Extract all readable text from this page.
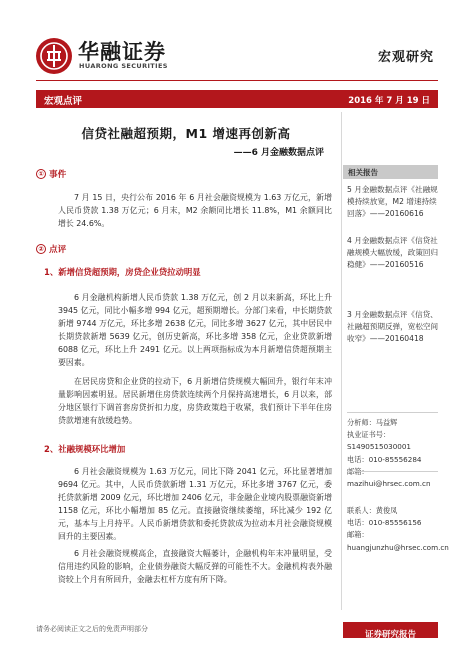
华融证券
HUARONG SECURITIES
宏观研究
宏观点评	2016 年 7 月 19 日
信贷社融超预期，M1 增速再创新高
——6 月金融数据点评
① 事件
7 月 15 日，央行公布 2016 年 6 月社会融资规模为 1.63 万亿元，新增人民币贷款 1.38 万亿元；6 月末，M2 余额同比增长 11.8%，M1 余额同比增长 24.6%。
② 点评
1、新增信贷超预期，房贷企业贷拉动明显
6 月金融机构新增人民币贷款 1.38 万亿元，创 2 月以来新高，环比上升 3945 亿元，同比小幅多增 994 亿元，超预期增长。分部门来看，中长期贷款新增 9744 万亿元，环比多增 2638 亿元，同比多增 3627 亿元，其中居民中长期贷款新增 5639 亿元，创历史新高，环比多增 358 亿元，企业贷款新增 6088 亿元，环比上升 2491 亿元。以上两项指标成为本月新增信贷超预期主要因素。
在居民房贷和企业贷的拉动下，6 月新增信贷规模大幅回升，银行年末冲量影响因素明显。居民新增住房贷款连续两个月保持高速增长，6 月以来，部分地区银行下调首套房贷折扣力度，房贷政策趋于收紧，我们预计下半年住房贷款增速有放缓趋势。
2、社融规模环比增加
6 月社会融资规模为 1.63 万亿元，同比下降 2041 亿元，环比显著增加 9694 亿元。其中，人民币贷款新增 1.31 万亿元，环比多增 3767 亿元，委托贷款新增 2009 亿元，环比增加 2406 亿元，非金融企业境内股票融资新增 1158 亿元，环比小幅增加 85 亿元。直接融资继续萎缩，环比减少 192 亿元，基本与上月持平。人民币新增贷款和委托贷款成为拉动本月社会融资规模回升的主要因素。
6 月社会融资规模高企，直接融资大幅萎计，企融机构年末冲量明显，受信用违约风险的影响，企业债券融资大幅反弹的可能性不大。金融机构表外融资较上个月有所回升，金融去杠杆方度有所下降。
相关报告
5 月金融数据点评《社融规模持续放宽，M2 增速持续回落》——20160616
4 月金融数据点评《信贷社融规模大幅放缓，政策回归稳健》——20160516
3 月金融数据点评《信贷、社融超预期反弹，宽松空间收窄》——20160418
分析师：马益辉
执业证书号：S1490515030001
电话：010-85556284
mazihui@hrsec.com.cn
联系人：黄俊凤
电话：010-85556156
邮箱：huangjunzhu@hrsec.com.cn
请务必阅读正文之后的免责声明部分
证券研究报告
